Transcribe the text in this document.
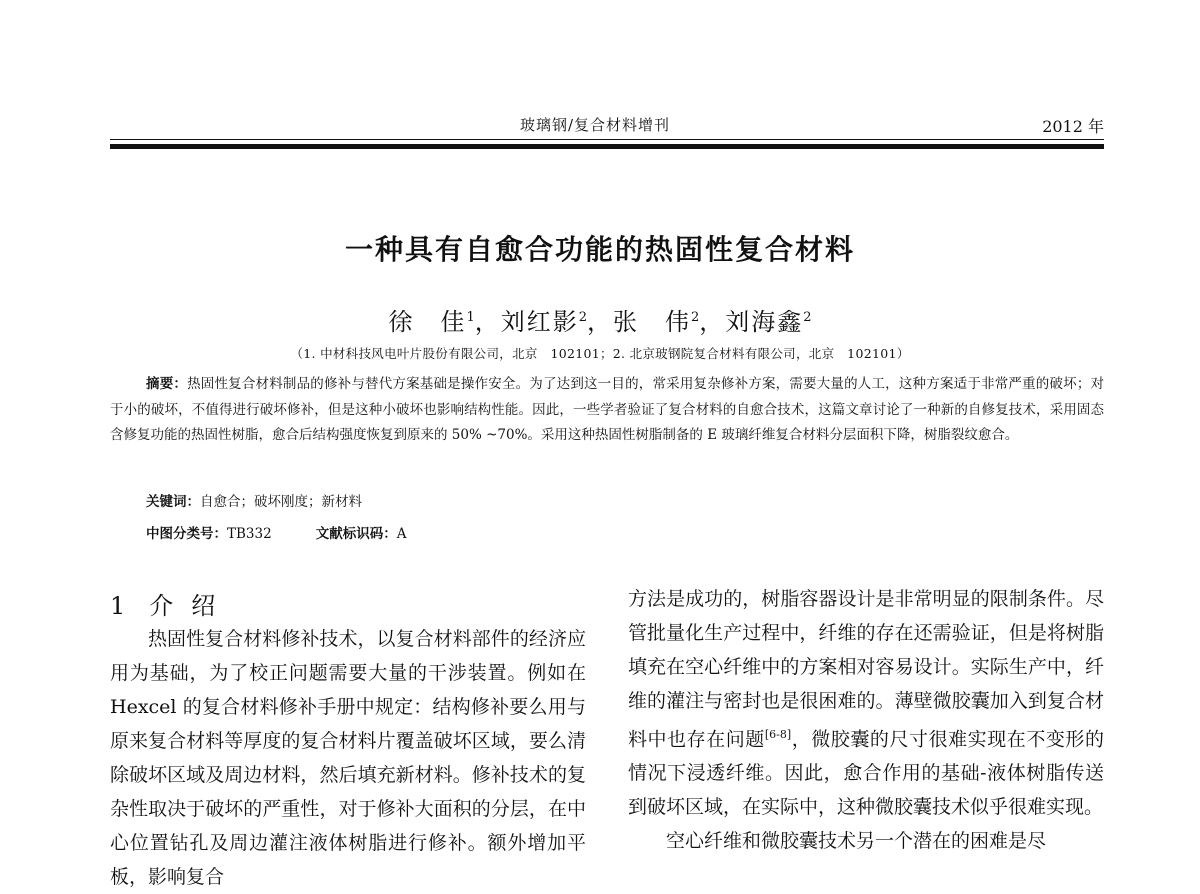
玻璃钢/复合材料增刊	2012 年
一种具有自愈合功能的热固性复合材料
徐　佳$^1$，刘红影$^2$，张　伟$^2$，刘海鑫$^2$
（1. 中材科技风电叶片股份有限公司，北京　102101；2. 北京玻钢院复合材料有限公司，北京　102101）

摘要：热固性复合材料制品的修补与替代方案基础是操作安全。为了达到这一目的，常采用复杂修补方案，需要大量的人工，这种方案适于非常严重的破坏；对于小的破坏，不值得进行破坏修补，但是这种小破坏也影响结构性能。因此，一些学者验证了复合材料的自愈合技术，这篇文章讨论了一种新的自修复技术，采用固态含修复功能的热固性树脂，愈合后结构强度恢复到原来的 50% ~70%。采用这种热固性树脂制备的 E 玻璃纤维复合材料分层面积下降，树脂裂纹愈合。

关键词：自愈合；破坏刚度；新材料
中图分类号：TB332	文献标识码：A
1 介绍

热固性复合材料修补技术，以复合材料部件的经济应用为基础，为了校正问题需要大量的干涉装置。例如在 Hexcel 的复合材料修补手册中规定：结构修补要么用与原来复合材料等厚度的复合材料片覆盖破坏区域，要么清除破坏区域及周边材料，然后填充新材料。修补技术的复杂性取决于破坏的严重性，对于修补大面积的分层，在中心位置钻孔及周边灌注液体树脂进行修补。额外增加平板，影响复合

方法是成功的，树脂容器设计是非常明显的限制条件。尽管批量化生产过程中，纤维的存在还需验证，但是将树脂填充在空心纤维中的方案相对容易设计。实际生产中，纤维的灌注与密封也是很困难的。薄壁微胶囊加入到复合材料中也存在问题[6-8]，微胶囊的尺寸很难实现在不变形的情况下浸透纤维。因此，愈合作用的基础-液体树脂传送到破坏区域，在实际中，这种微胶囊技术似乎很难实现。

空心纤维和微胶囊技术另一个潜在的困难是尽
